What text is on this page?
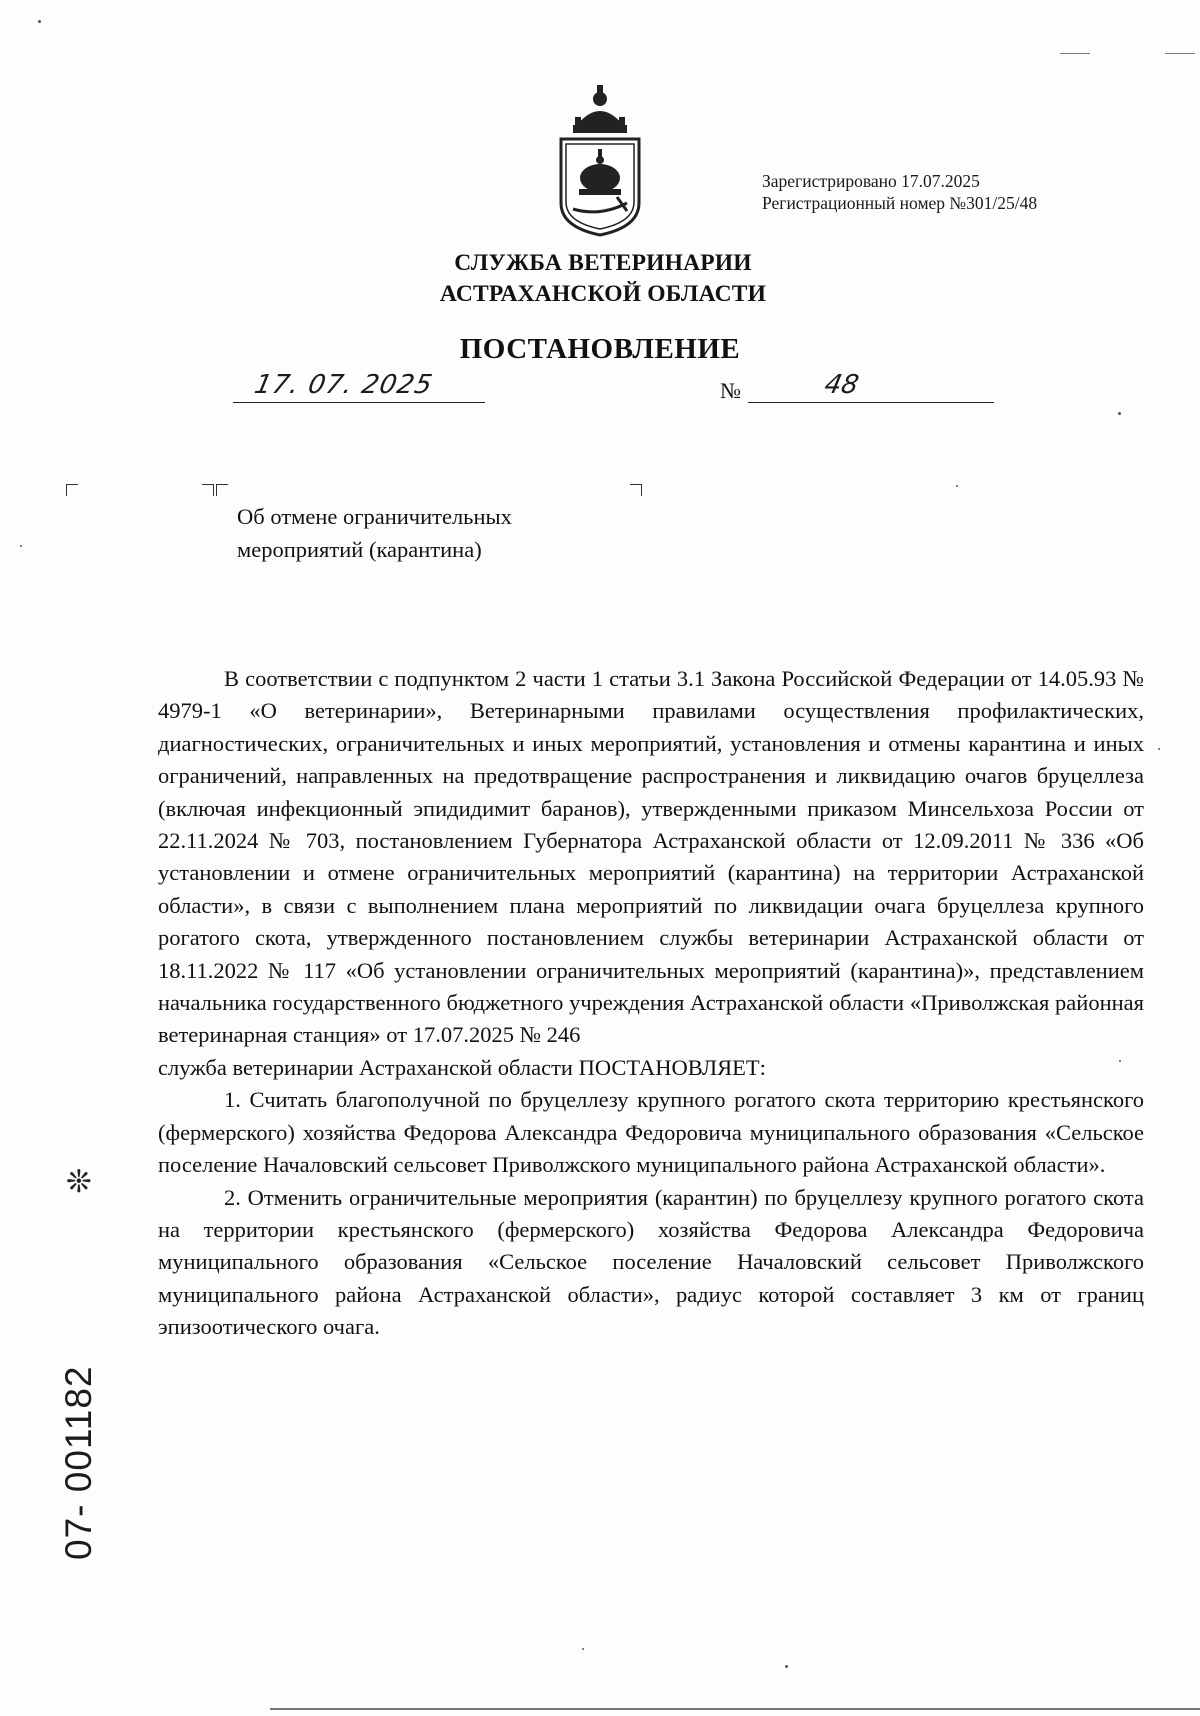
Зарегистрировано 17.07.2025
Регистрационный номер №301/25/48
СЛУЖБА ВЕТЕРИНАРИИ
АСТРАХАНСКОЙ ОБЛАСТИ
ПОСТАНОВЛЕНИЕ
17. 07. 2025	№	48
Об отмене ограничительных
мероприятий (карантина)

В соответствии с подпунктом 2 части 1 статьи 3.1 Закона Российской Федерации от 14.05.93 № 4979-1 «О ветеринарии», Ветеринарными правилами осуществления профилактических, диагностических, ограничительных и иных мероприятий, установления и отмены карантина и иных ограничений, направленных на предотвращение распространения и ликвидацию очагов бруцеллеза (включая инфекционный эпидидимит баранов), утвержденными приказом Минсельхоза России от 22.11.2024 № 703, постановлением Губернатора Астраханской области от 12.09.2011 № 336 «Об установлении и отмене ограничительных мероприятий (карантина) на территории Астраханской области», в связи с выполнением плана мероприятий по ликвидации очага бруцеллеза крупного рогатого скота, утвержденного постановлением службы ветеринарии Астраханской области от 18.11.2022 № 117 «Об установлении ограничительных мероприятий (карантина)», представлением начальника государственного бюджетного учреждения Астраханской области «Приволжская районная ветеринарная станция» от 17.07.2025 № 246

служба ветеринарии Астраханской области ПОСТАНОВЛЯЕТ:

1. Считать благополучной по бруцеллезу крупного рогатого скота территорию крестьянского (фермерского) хозяйства Федорова Александра Федоровича муниципального образования «Сельское поселение Началовский сельсовет Приволжского муниципального района Астраханской области».

2. Отменить ограничительные мероприятия (карантин) по бруцеллезу крупного рогатого скота на территории крестьянского (фермерского) хозяйства Федорова Александра Федоровича муниципального образования «Сельское поселение Началовский сельсовет Приволжского муниципального района Астраханской области», радиус которой составляет 3 км от границ эпизоотического очага.

❊
07- 001182
